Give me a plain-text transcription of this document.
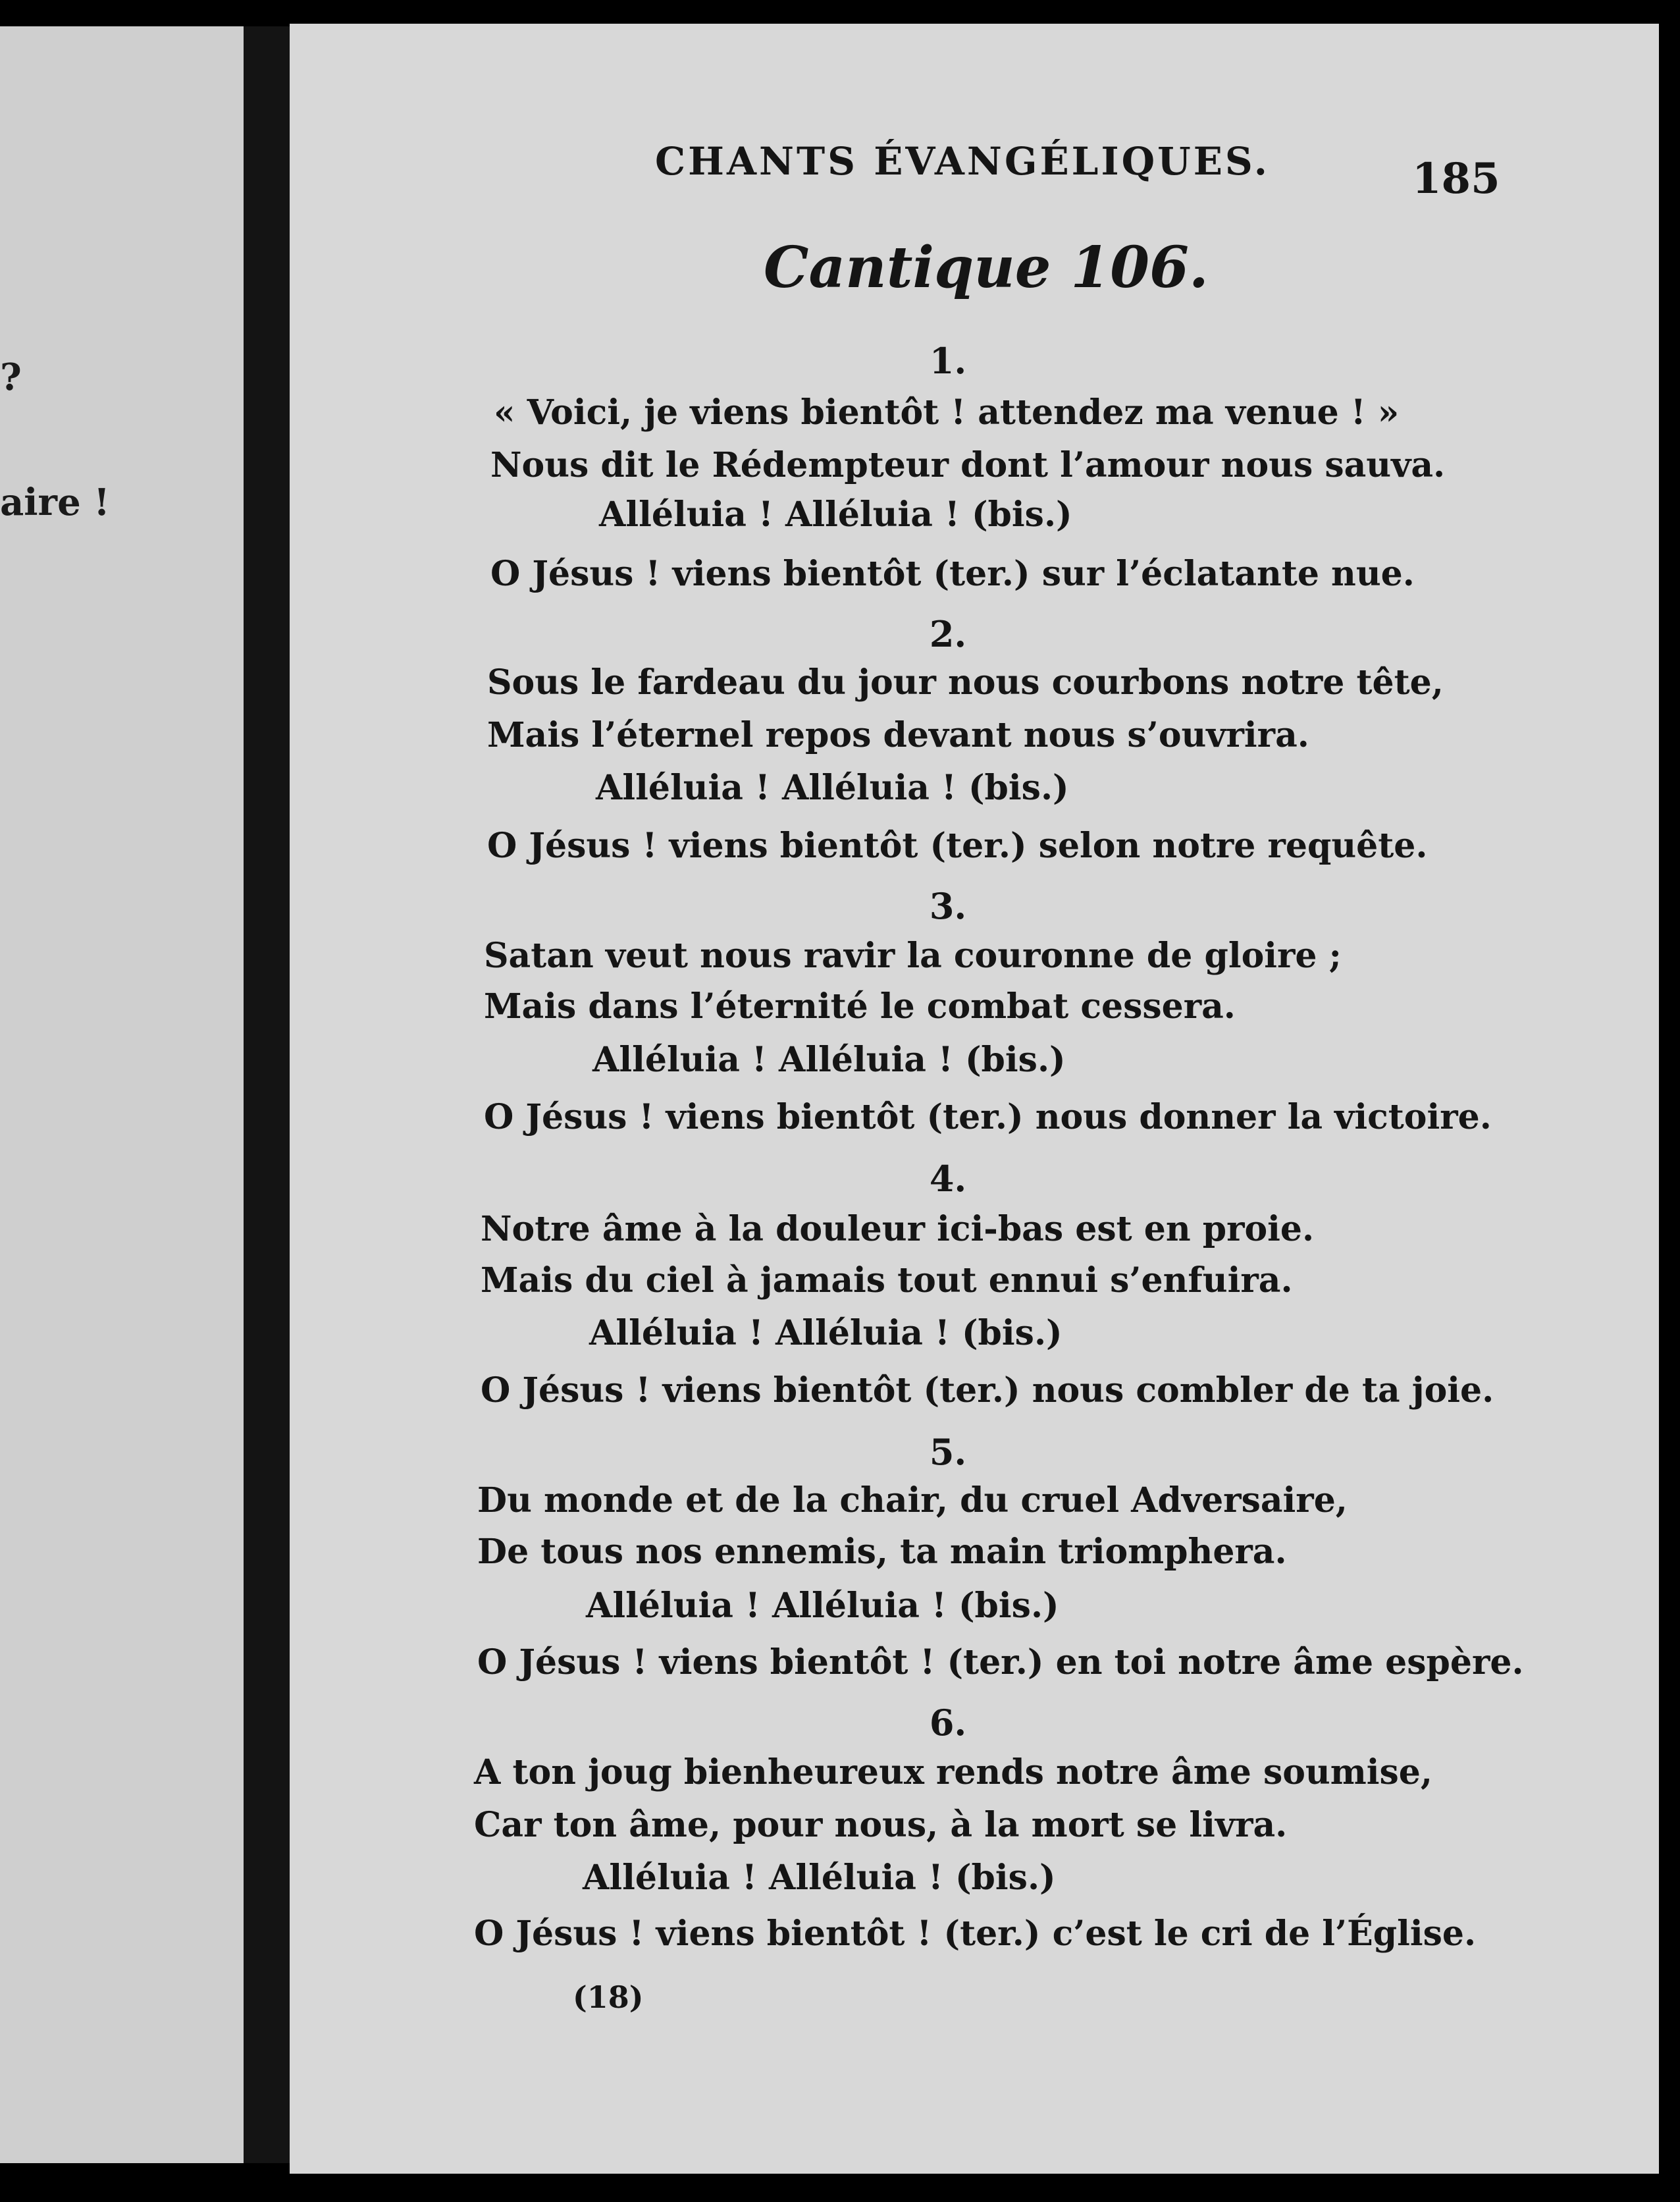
?
aire !
CHANTS ÉVANGÉLIQUES.	185
Cantique 106.
1.
« Voici, je viens bientôt ! attendez ma venue ! »
Nous dit le Rédempteur dont l’amour nous sauva.
Alléluia ! Alléluia ! (bis.)
O Jésus ! viens bientôt (ter.) sur l’éclatante nue.
2.
Sous le fardeau du jour nous courbons notre tête,
Mais l’éternel repos devant nous s’ouvrira.
Alléluia ! Alléluia ! (bis.)
O Jésus ! viens bientôt (ter.) selon notre requête.
3.
Satan veut nous ravir la couronne de gloire ;
Mais dans l’éternité le combat cessera.
Alléluia ! Alléluia ! (bis.)
O Jésus ! viens bientôt (ter.) nous donner la victoire.
4.
Notre âme à la douleur ici-bas est en proie.
Mais du ciel à jamais tout ennui s’enfuira.
Alléluia ! Alléluia ! (bis.)
O Jésus ! viens bientôt (ter.) nous combler de ta joie.
5.
Du monde et de la chair, du cruel Adversaire,
De tous nos ennemis, ta main triomphera.
Alléluia ! Alléluia ! (bis.)
O Jésus ! viens bientôt ! (ter.) en toi notre âme espère.
6.
A ton joug bienheureux rends notre âme soumise,
Car ton âme, pour nous, à la mort se livra.
Alléluia ! Alléluia ! (bis.)
O Jésus ! viens bientôt ! (ter.) c’est le cri de l’Église.
(18)
